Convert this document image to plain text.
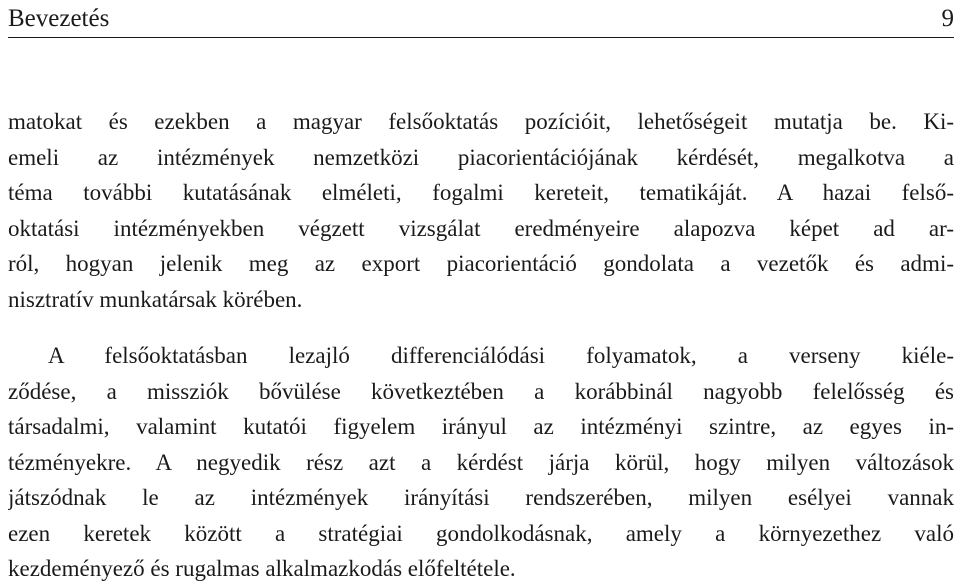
Bevezetés	9
matokat és ezekben a magyar felsőoktatás pozícióit, lehetőségeit mutatja be. Ki-
emeli az intézmények nemzetközi piacorientációjának kérdését, megalkotva a
téma további kutatásának elméleti, fogalmi kereteit, tematikáját. A hazai felső-
oktatási intézményekben végzett vizsgálat eredményeire alapozva képet ad ar-
ról, hogyan jelenik meg az export piacorientáció gondolata a vezetők és admi-
nisztratív munkatársak körében.
A felsőoktatásban lezajló differenciálódási folyamatok, a verseny kiéle-
ződése, a missziók bővülése következtében a korábbinál nagyobb felelősség és
társadalmi, valamint kutatói figyelem irányul az intézményi szintre, az egyes in-
tézményekre. A negyedik rész azt a kérdést járja körül, hogy milyen változások
játszódnak le az intézmények irányítási rendszerében, milyen esélyei vannak
ezen keretek között a stratégiai gondolkodásnak, amely a környezethez való
kezdeményező és rugalmas alkalmazkodás előfeltétele.
